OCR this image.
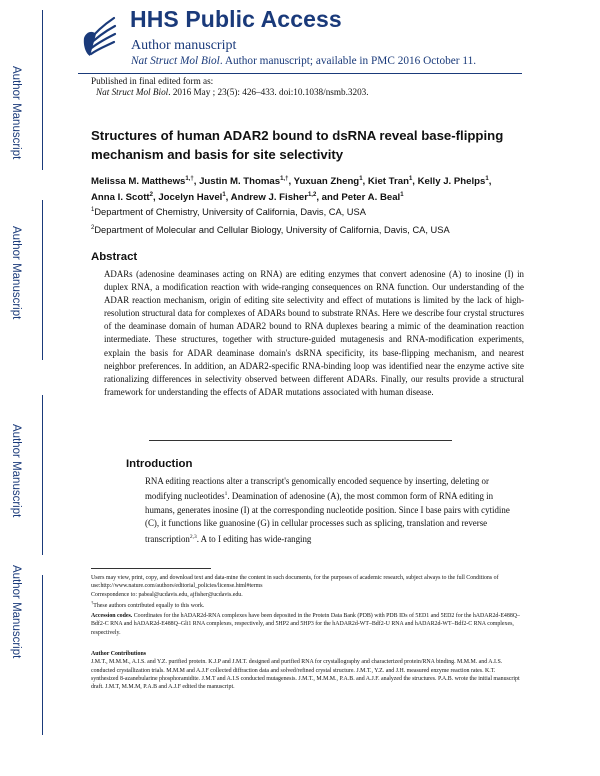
HHS Public Access
Author manuscript
Nat Struct Mol Biol. Author manuscript; available in PMC 2016 October 11.
Published in final edited form as:
Nat Struct Mol Biol. 2016 May ; 23(5): 426–433. doi:10.1038/nsmb.3203.
Author Manuscript
Author Manuscript
Author Manuscript
Author Manuscript
Structures of human ADAR2 bound to dsRNA reveal base-flipping mechanism and basis for site selectivity
Melissa M. Matthews$^{1,\dagger}$, Justin M. Thomas$^{1,\dagger}$, Yuxuan Zheng$^1$, Kiet Tran$^1$, Kelly J. Phelps$^1$,
Anna I. Scott$^2$, Jocelyn Havel$^1$, Andrew J. Fisher$^{1,2}$, and Peter A. Beal$^1$
$^1$Department of Chemistry, University of California, Davis, CA, USA
$^2$Department of Molecular and Cellular Biology, University of California, Davis, CA, USA
Abstract
ADARs (adenosine deaminases acting on RNA) are editing enzymes that convert adenosine (A) to inosine (I) in duplex RNA, a modification reaction with wide-ranging consequences on RNA function. Our understanding of the ADAR reaction mechanism, origin of editing site selectivity and effect of mutations is limited by the lack of high-resolution structural data for complexes of ADARs bound to substrate RNAs. Here we describe four crystal structures of the deaminase domain of human ADAR2 bound to RNA duplexes bearing a mimic of the deamination reaction intermediate. These structures, together with structure-guided mutagenesis and RNA-modification experiments, explain the basis for ADAR deaminase domain's dsRNA specificity, its base-flipping mechanism, and nearest neighbor preferences. In addition, an ADAR2-specific RNA-binding loop was identified near the enzyme active site rationalizing differences in selectivity observed between different ADARs. Finally, our results provide a structural framework for understanding the effects of ADAR mutations associated with human disease.
Introduction
RNA editing reactions alter a transcript's genomically encoded sequence by inserting, deleting or modifying nucleotides$^1$. Deamination of adenosine (A), the most common form of RNA editing in humans, generates inosine (I) at the corresponding nucleotide position. Since I base pairs with cytidine (C), it functions like guanosine (G) in cellular processes such as splicing, translation and reverse transcription$^{2,3}$. A to I editing has wide-ranging
Users may view, print, copy, and download text and data-mine the content in such documents, for the purposes of academic research, subject always to the full Conditions of use:http://www.nature.com/authors/editorial_policies/license.html#terms
Correspondence to: pabeal@ucdavis.edu, ajfisher@ucdavis.edu.
†These authors contributed equally to this work.
Accession codes. Coordinates for the hADAR2d-RNA complexes have been deposited in the Protein Data Bank (PDB) with PDB IDs of 5ED1 and 5ED2 for the hADAR2d-E488Q–Bdf2-C RNA and hADAR2d-E488Q–Gli1 RNA complexes, respectively, and 5HP2 and 5HP3 for the hADAR2d-WT–Bdf2-U RNA and hADAR2d-WT–Bdf2-C RNA complexes, respectively.
Author Contributions
J.M.T., M.M.M., A.I.S. and Y.Z. purified protein. K.J.P and J.M.T. designed and purified RNA for crystallography and characterized protein/RNA binding. M.M.M. and A.I.S. conducted crystallization trials. M.M.M and A.J.F collected diffraction data and solved/refined crystal structure. J.M.T., Y.Z. and J.H. measured enzyme reaction rates. K.T. synthesized 8-azanebularine phosphoramidite. J.M.T and A.I.S conducted mutagenesis. J.M.T., M.M.M., P.A.B. and A.J.F. analyzed the structures. P.A.B. wrote the initial manuscript draft. J.M.T, M.M.M, P.A.B and A.J.F edited the manuscript.
